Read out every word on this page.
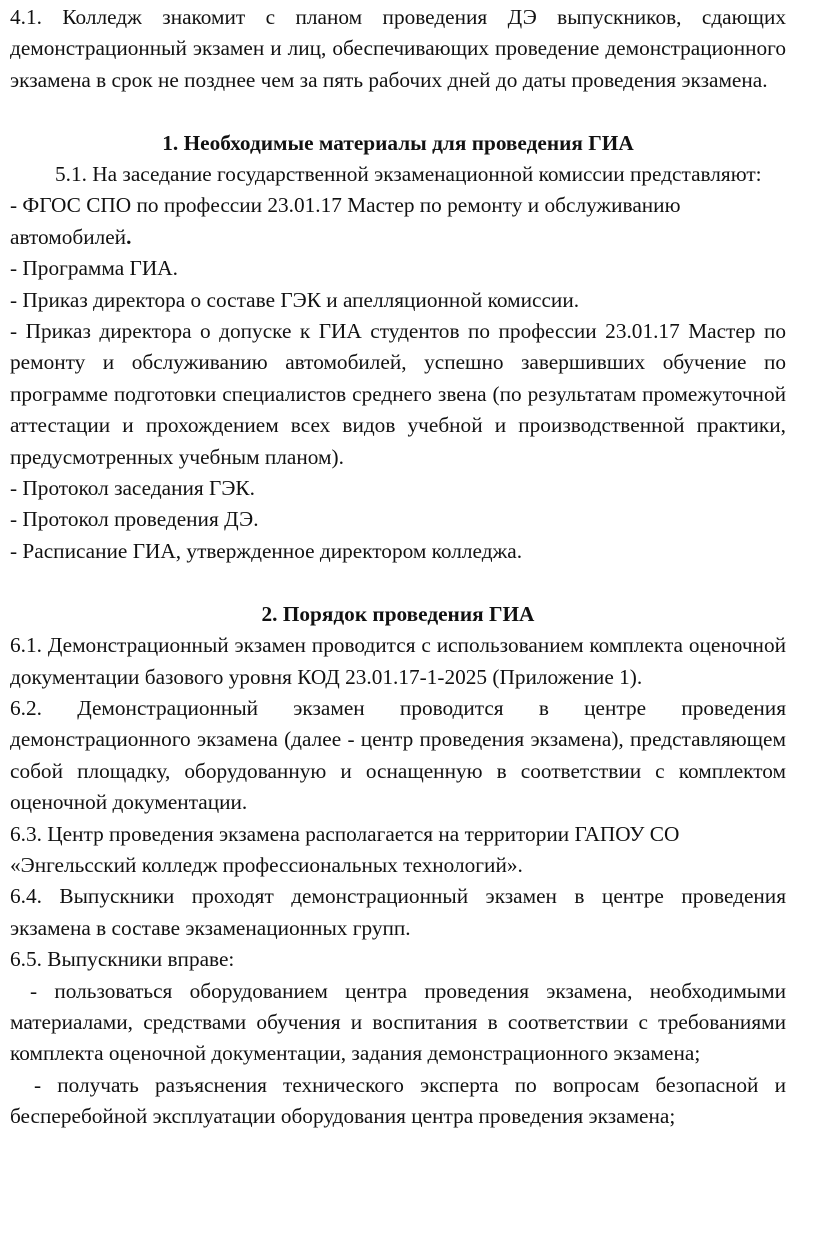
4.1. Колледж знакомит с планом проведения ДЭ выпускников, сдающих демонстрационный экзамен и лиц, обеспечивающих проведение демонстрационного экзамена в срок не позднее чем за пять рабочих дней до даты проведения экзамена.

1. Необходимые материалы для проведения ГИА

5.1. На заседание государственной экзаменационной комиссии представляют:

- ФГОС СПО по профессии 23.01.17 Мастер по ремонту и обслуживанию автомобилей.

- Программа ГИА.

- Приказ директора о составе ГЭК и апелляционной комиссии.

- Приказ директора о допуске к ГИА студентов по профессии 23.01.17 Мастер по ремонту и обслуживанию автомобилей, успешно завершивших обучение по программе подготовки специалистов среднего звена (по результатам промежуточной аттестации и прохождением всех видов учебной и производственной практики, предусмотренных учебным планом).

- Протокол заседания ГЭК.

- Протокол проведения ДЭ.

- Расписание ГИА, утвержденное директором колледжа.

2. Порядок проведения ГИА

6.1. Демонстрационный экзамен проводится с использованием комплекта оценочной документации базового уровня КОД 23.01.17-1-2025 (Приложение 1).

6.2. Демонстрационный экзамен проводится в центре проведения демонстрационного экзамена (далее - центр проведения экзамена), представляющем собой площадку, оборудованную и оснащенную в соответствии с комплектом оценочной документации.

6.3. Центр проведения экзамена располагается на территории ГАПОУ СО

«Энгельсский колледж профессиональных технологий».

6.4. Выпускники проходят демонстрационный экзамен в центре проведения экзамена в составе экзаменационных групп.

6.5. Выпускники вправе:

- пользоваться оборудованием центра проведения экзамена, необходимыми материалами, средствами обучения и воспитания в соответствии с требованиями комплекта оценочной документации, задания демонстрационного экзамена;

- получать разъяснения технического эксперта по вопросам безопасной и бесперебойной эксплуатации оборудования центра проведения экзамена;
